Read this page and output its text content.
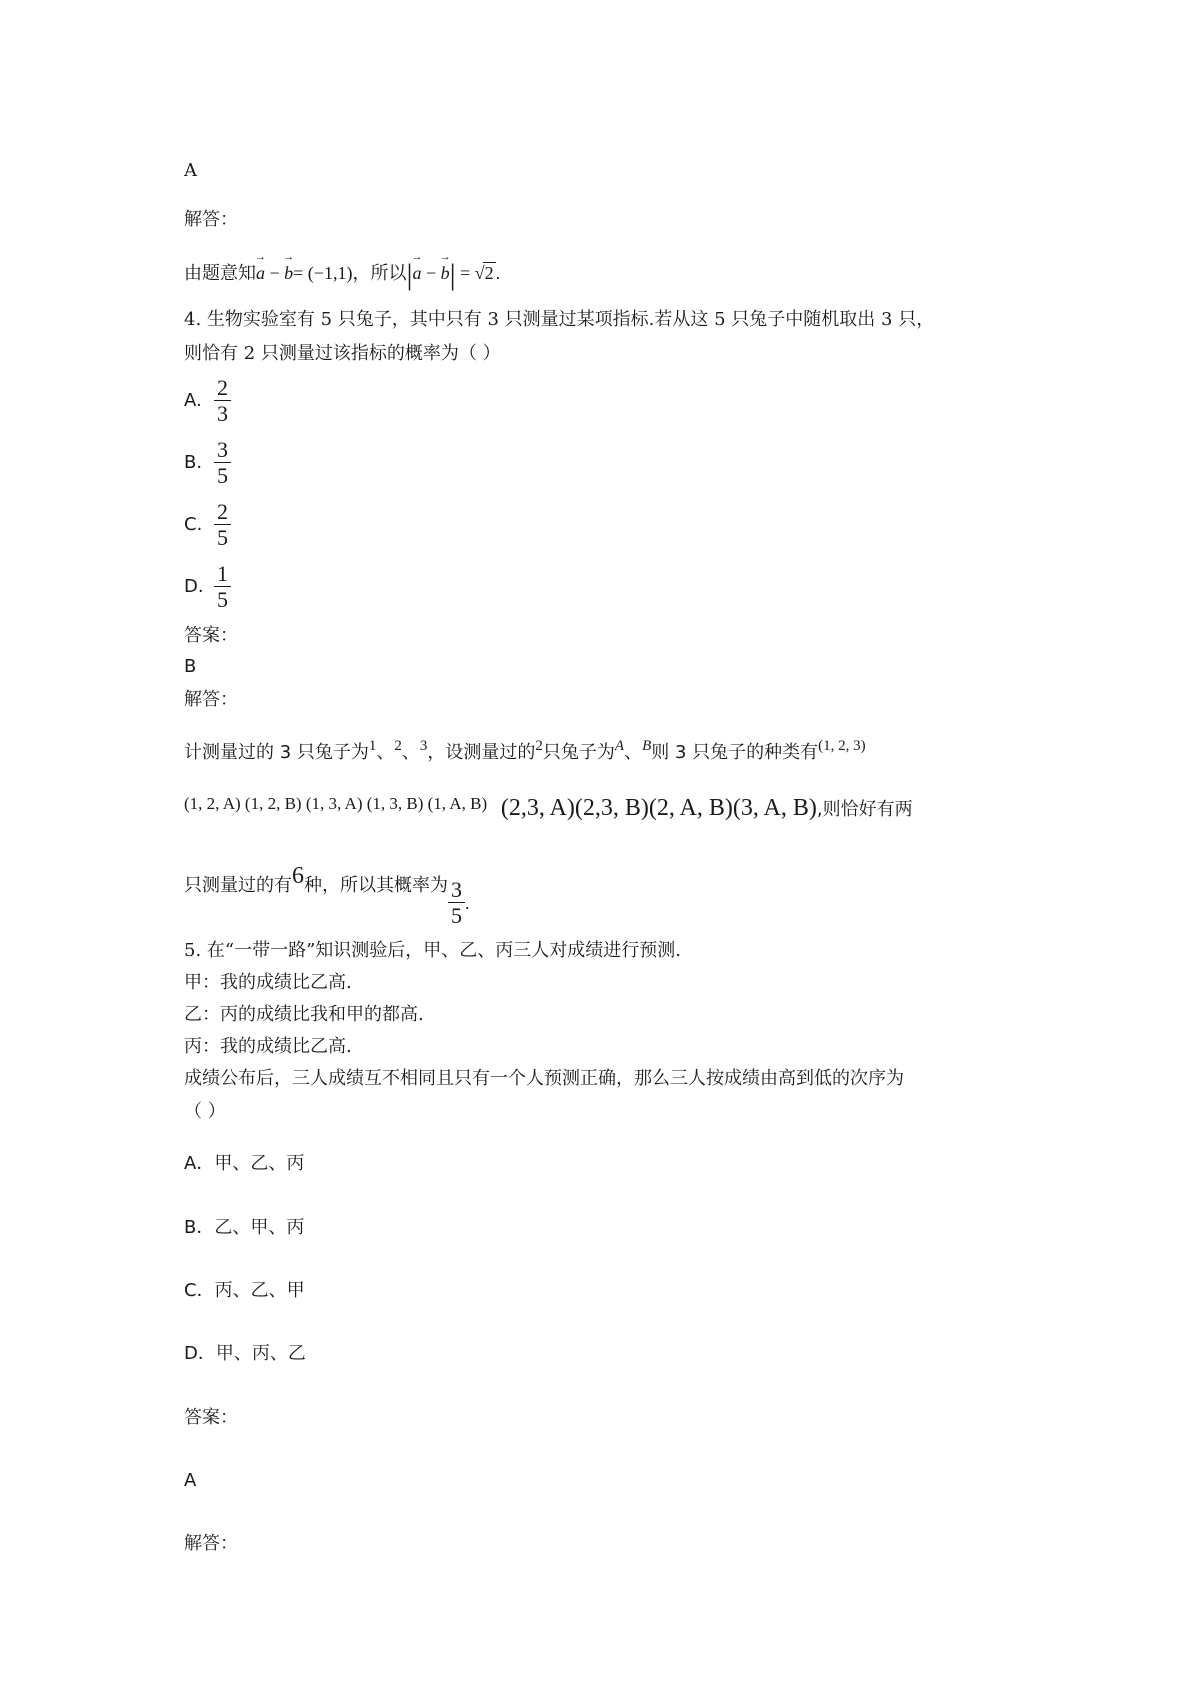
A
解答：
由题意知→ a − → b= (−1,1)，所以|→ a − → b| = √2 .
4. 生物实验室有 5 只兔子，其中只有 3 只测量过某项指标.若从这 5 只兔子中随机取出 3 只，
则恰有 2 只测量过该指标的概率为（ ）
A. $\frac{2}{3}$
B. $\frac{3}{5}$
C. $\frac{2}{5}$
D. $\frac{1}{5}$
答案：
B
解答：
计测量过的 3 只兔子为$^1$、$^2$、$^3$，设测量过的$^2$只兔子为$^A$、$^B$则 3 只兔子的种类有$^{(1, 2, 3)}$
(1, 2, A) (1, 2, B) (1, 3, A) (1, 3, B) (1, A, B) (2,3, A)(2,3, B)(2, A, B)(3, A, B),则恰好有两
只测量过的有6种，所以其概率为 $\frac{3}{5}$ .
5. 在“一带一路”知识测验后，甲、乙、丙三人对成绩进行预测.
甲：我的成绩比乙高.
乙：丙的成绩比我和甲的都高.
丙：我的成绩比乙高.
成绩公布后，三人成绩互不相同且只有一个人预测正确，那么三人按成绩由高到低的次序为
（ ）
A．甲、乙、丙
B．乙、甲、丙
C．丙、乙、甲
D．甲、丙、乙
答案：
A
解答：
